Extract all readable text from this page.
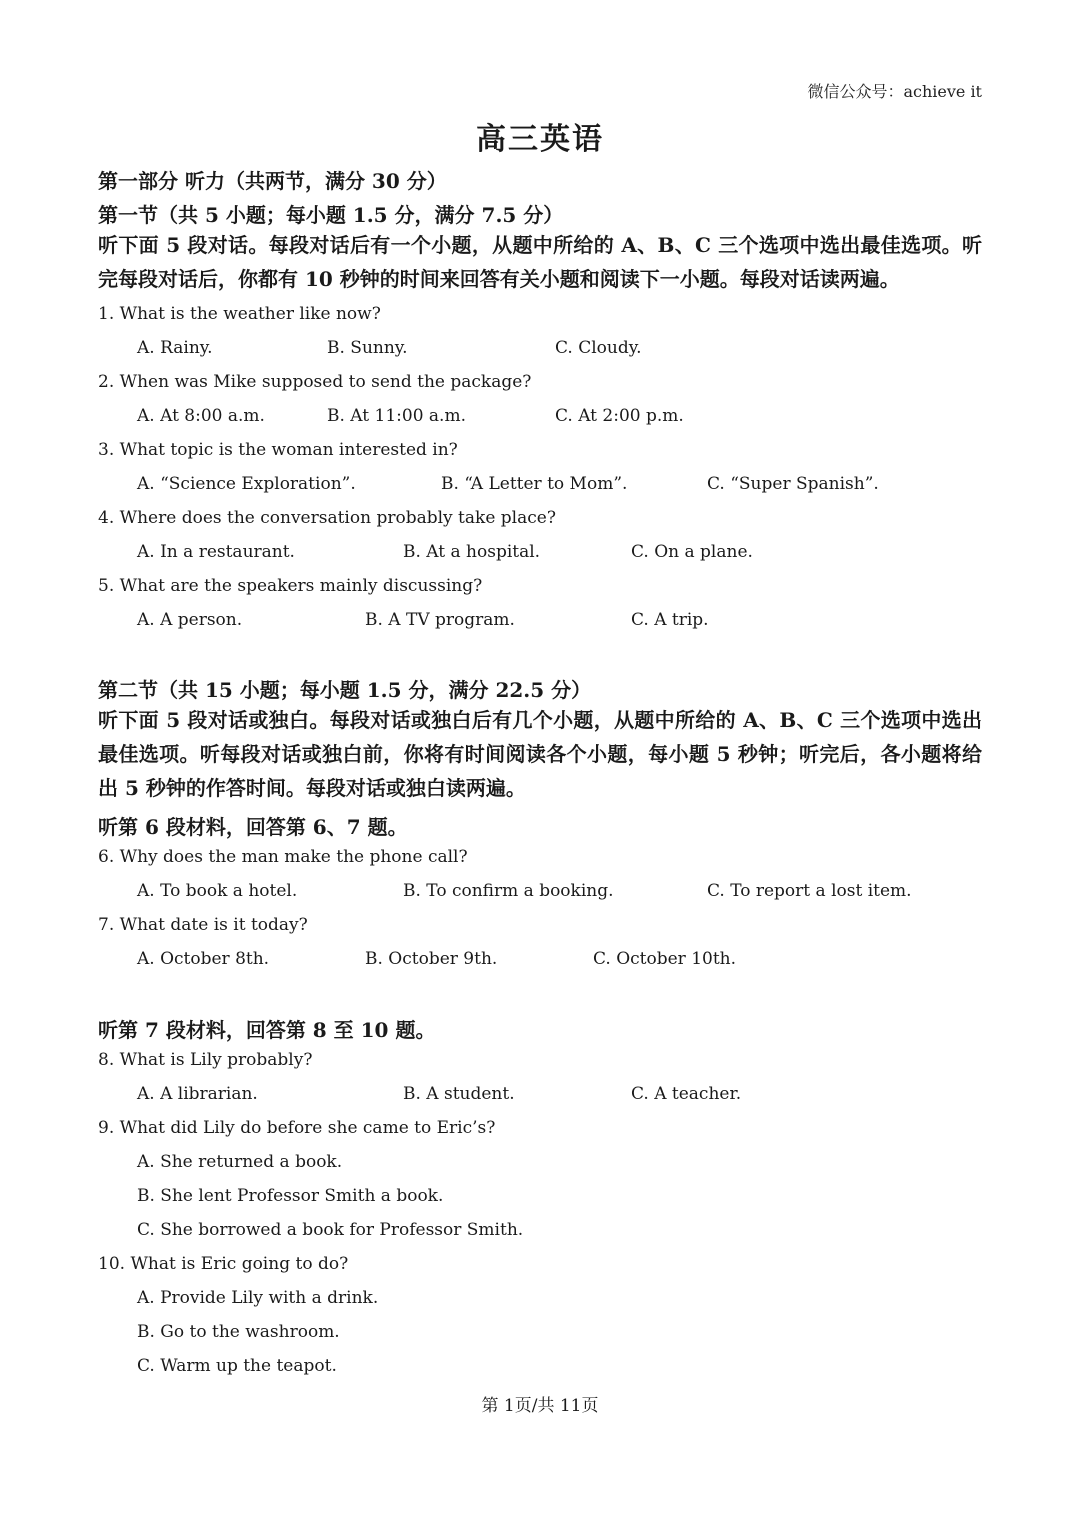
微信公众号：achieve it
高三英语
第一部分 听力（共两节，满分 30 分）
第一节（共 5 小题；每小题 1.5 分，满分 7.5 分）
听下面 5 段对话。每段对话后有一个小题，从题中所给的 A、B、C 三个选项中选出最佳选项。听完每段对话后，你都有 10 秒钟的时间来回答有关小题和阅读下一小题。每段对话读两遍。
1. What is the weather like now?
A. Rainy.	B. Sunny.	C. Cloudy.
2. When was Mike supposed to send the package?
A. At 8:00 a.m.	B. At 11:00 a.m.	C. At 2:00 p.m.
3. What topic is the woman interested in?
A. “Science Exploration”.	B. “A Letter to Mom”.	C. “Super Spanish”.
4. Where does the conversation probably take place?
A. In a restaurant.	B. At a hospital.	C. On a plane.
5. What are the speakers mainly discussing?
A. A person.	B. A TV program.	C. A trip.
第二节（共 15 小题；每小题 1.5 分，满分 22.5 分）
听下面 5 段对话或独白。每段对话或独白后有几个小题，从题中所给的 A、B、C 三个选项中选出最佳选项。听每段对话或独白前，你将有时间阅读各个小题，每小题 5 秒钟；听完后，各小题将给出 5 秒钟的作答时间。每段对话或独白读两遍。
听第 6 段材料，回答第 6、7 题。
6. Why does the man make the phone call?
A. To book a hotel.	B. To confirm a booking.	C. To report a lost item.
7. What date is it today?
A. October 8th.	B. October 9th.	C. October 10th.
听第 7 段材料，回答第 8 至 10 题。
8. What is Lily probably?
A. A librarian.	B. A student.	C. A teacher.
9. What did Lily do before she came to Eric’s?
A. She returned a book.
B. She lent Professor Smith a book.
C. She borrowed a book for Professor Smith.
10. What is Eric going to do?
A. Provide Lily with a drink.
B. Go to the washroom.
C. Warm up the teapot.
第 1页/共 11页
